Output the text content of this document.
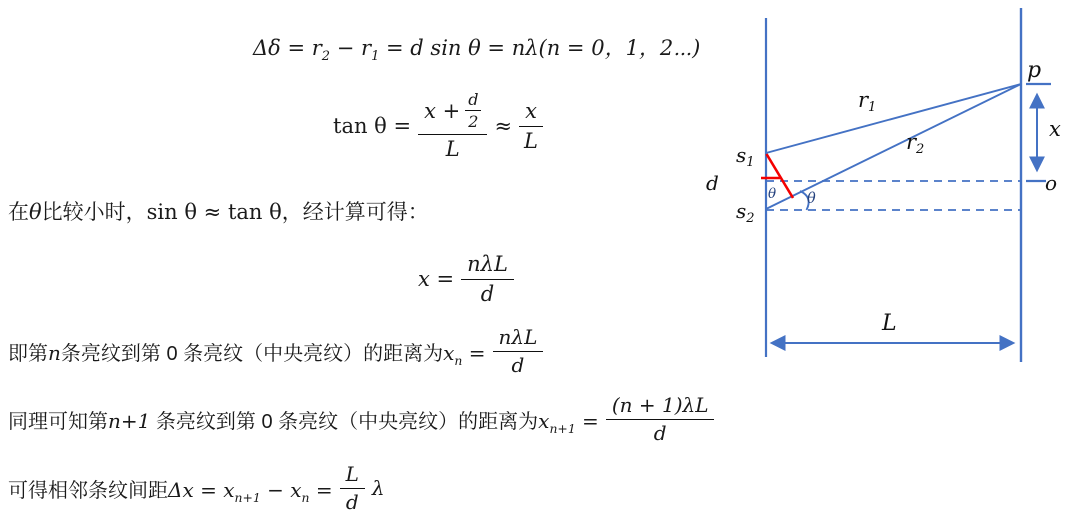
$\Delta\delta = r_2 - r_1 = d$ sin θ = nλ(n = 0，1，2⋯)
$\tan \theta = \frac{x + \frac{d}{2}}{L} \approx \frac{x}{L}$
在θ比较小时，sin θ ≈ tan θ，经计算可得：
$x = \frac{\text{nλL}}{d}$
即第n条亮纹到第 0 条亮纹（中央亮纹）的距离为$x_n = \frac{\text{nλL}}{d}$
同理可知第n+1 条亮纹到第 0 条亮纹（中央亮纹）的距离为$x_{n+1} = \frac{(n + 1)\lambda L}{d}$
可得相邻条纹间距$\Delta x = x_{n+1} - x_n = \frac{L}{d}$ λ
$s_1$
$s_2$
d
r1
r2
p
x
o
L
θ θ
